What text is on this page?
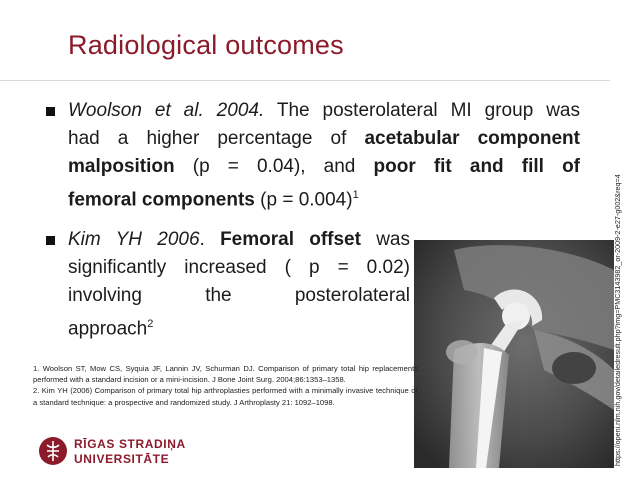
Radiological outcomes
Woolson et al. 2004. The posterolateral MI group was
had a higher percentage of acetabular component
malposition (p = 0.04), and poor fit and fill of
femoral components (p = 0.004)$^1$
Kim YH 2006. Femoral offset was
significantly increased ( p = 0.02)
involving the posterolateral
approach$^2$	https://openi.nlm.nih.gov/detailedresult.php?img=PMC3143982_or-2009-2-e27-g002&req=4
1. Woolson ST, Mow CS, Syquia JF, Lannin JV, Schurman DJ. Comparison of primary total hip replacements performed with a standard incision or a mini-incision. J Bone Joint Surg. 2004;86:1353–1358.
2. Kim YH (2006) Comparison of primary total hip arthroplasties performed with a minimally invasive technique or a standard technique: a prospective and randomized study. J Arthroplasty 21: 1092–1098.
RĪGAS STRADIŅA
UNIVERSITĀTE
